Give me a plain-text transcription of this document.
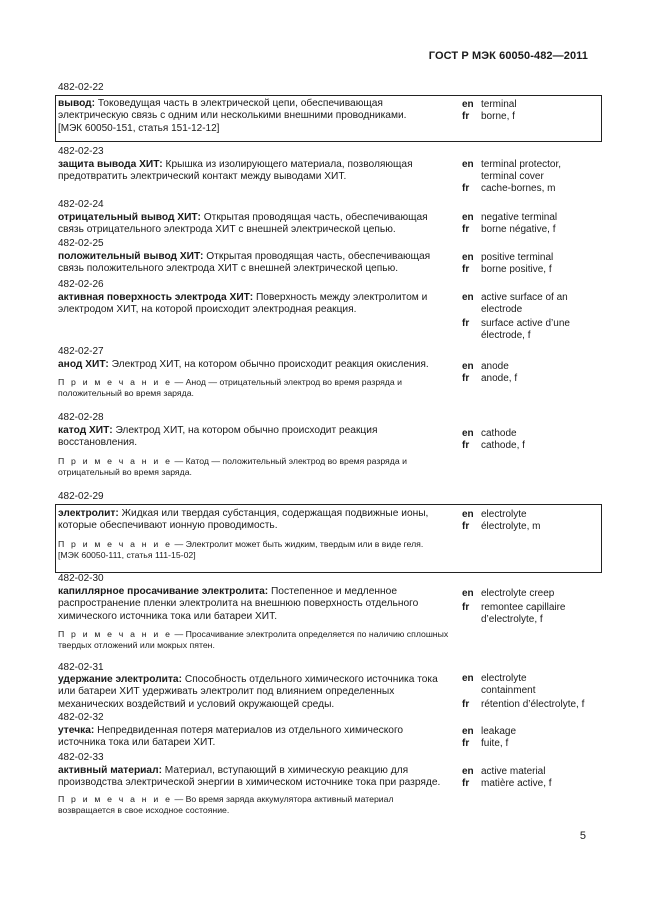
ГОСТ Р МЭК 60050-482—2011
482-02-22
вывод: Токоведущая часть в электрической цепи, обеспечивающая электрическую связь с одним или несколькими внешними проводниками.
[МЭК 60050-151, статья 151-12-12]
en terminal
fr	borne, f
482-02-23
защита вывода ХИТ: Крышка из изолирующего материала, позволяющая предотвратить электрический контакт между выводами ХИТ.
en terminal protector,
terminal cover
fr	cache-bornes, m
482-02-24
отрицательный вывод ХИТ: Открытая проводящая часть, обеспечивающая связь отрицательного электрода ХИТ с внешней электрической цепью.
en negative terminal
fr	borne négative, f
482-02-25
положительный вывод ХИТ: Открытая проводящая часть, обеспечивающая связь положительного электрода ХИТ с внешней электрической цепью.
en positive terminal
fr	borne positive, f
482-02-26
активная поверхность электрода ХИТ: Поверхность между электролитом и электродом ХИТ, на которой происходит электродная реакция.
en active surface of an
electrode
fr	surface active d’une
électrode, f
482-02-27
анод ХИТ: Электрод ХИТ, на котором обычно происходит реакция окисления.
П р и м е ч а н и е — Анод — отрицательный электрод во время разряда и положительный во время заряда.
en anode
fr	anode, f
482-02-28
катод ХИТ: Электрод ХИТ, на котором обычно происходит реакция восстановления.
П р и м е ч а н и е — Катод — положительный электрод во время разряда и отрицательный во время заряда.
en cathode
fr	cathode, f
482-02-29
электролит: Жидкая или твердая субстанция, содержащая подвижные ионы, которые обеспечивают ионную проводимость.
П р и м е ч а н и е — Электролит может быть жидким, твердым или в виде геля.
[МЭК 60050-111, статья 111-15-02]
en electrolyte
fr	électrolyte, m
482-02-30
капиллярное просачивание электролита: Постепенное и медленное распространение пленки электролита на внешнюю поверхность отдельного химического источника тока или батареи ХИТ.
П р и м е ч а н и е — Просачивание электролита определяется по наличию сплошных твердых отложений или мокрых пятен.
en electrolyte creep
fr	remontee capillaire
d’electrolyte, f
482-02-31
удержание электролита: Способность отдельного химического источника тока или батареи ХИТ удерживать электролит под влиянием определенных механических воздействий и условий окружающей среды.
en electrolyte
containment
fr	rétention d’électrolyte, f
482-02-32
утечка: Непредвиденная потеря материалов из отдельного химического источника тока или батареи ХИТ.
en leakage
fr	fuite, f
482-02-33
активный материал: Материал, вступающий в химическую реакцию для производства электрической энергии в химическом источнике тока при разряде.
П р и м е ч а н и е — Во время заряда аккумулятора активный материал возвращается в свое исходное состояние.
en active material
fr	matière active, f
5
